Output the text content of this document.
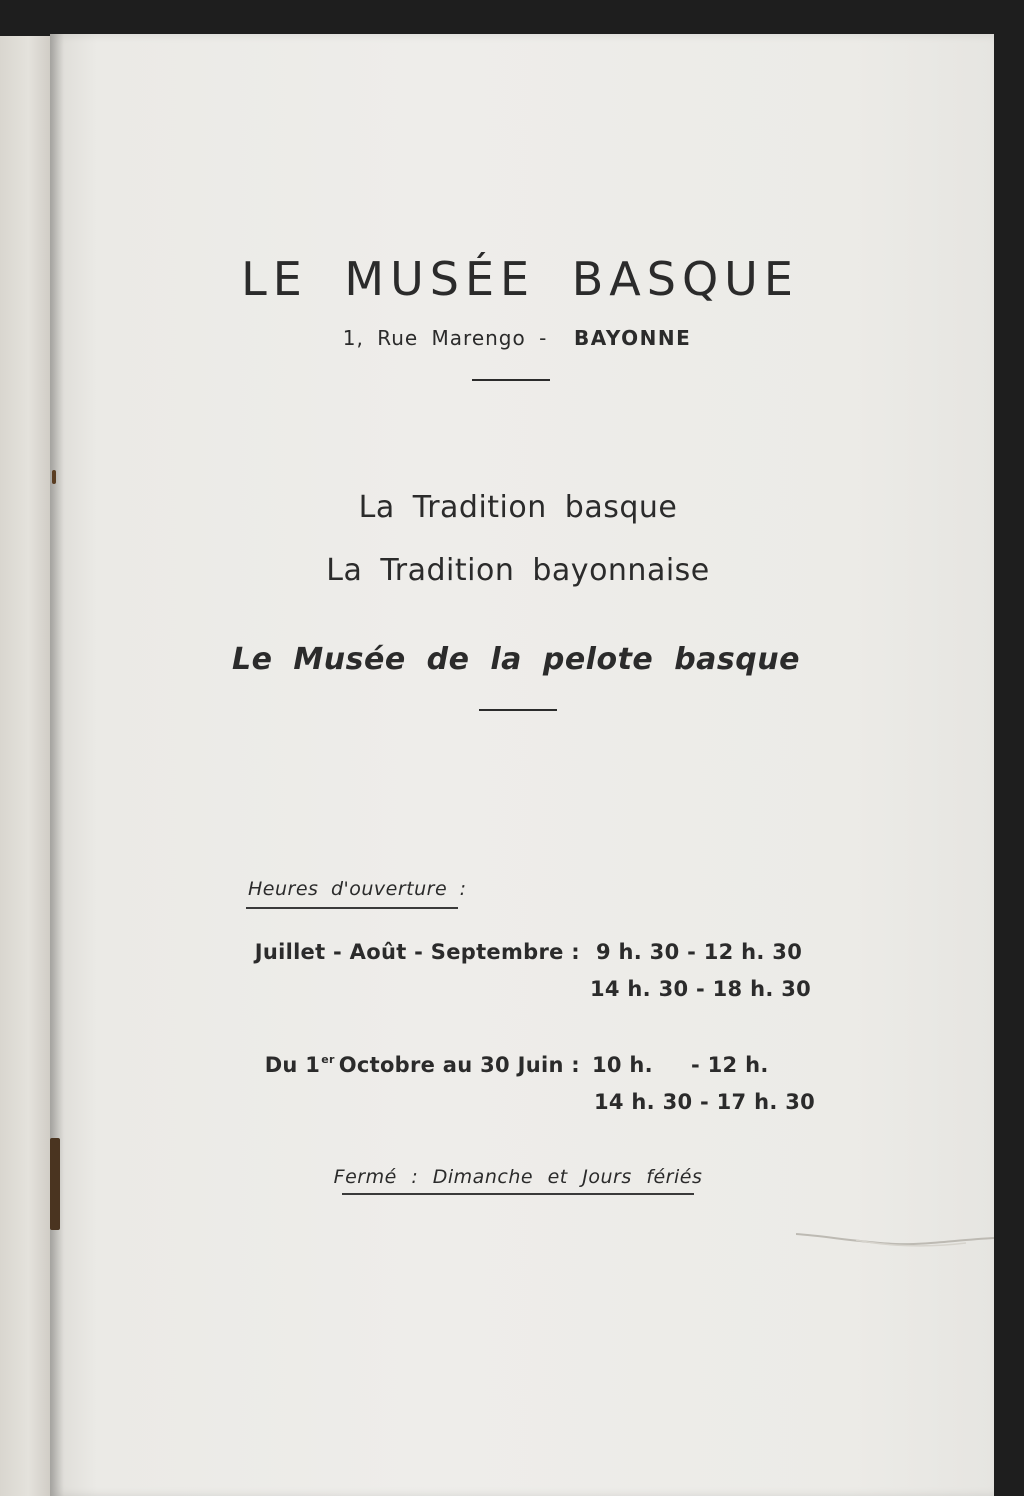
LE MUSÉE BASQUE

1, Rue Marengo - BAYONNE

La Tradition basque

La Tradition bayonnaise

Le Musée de la pelote basque

Heures d'ouverture :

Juillet - Août - Septembre : 9 h. 30 - 12 h. 30

14 h. 30 - 18 h. 30

Du 1er Octobre au 30 Juin : 10 h.     - 12 h.

14 h. 30 - 17 h. 30

Fermé : Dimanche et Jours fériés
